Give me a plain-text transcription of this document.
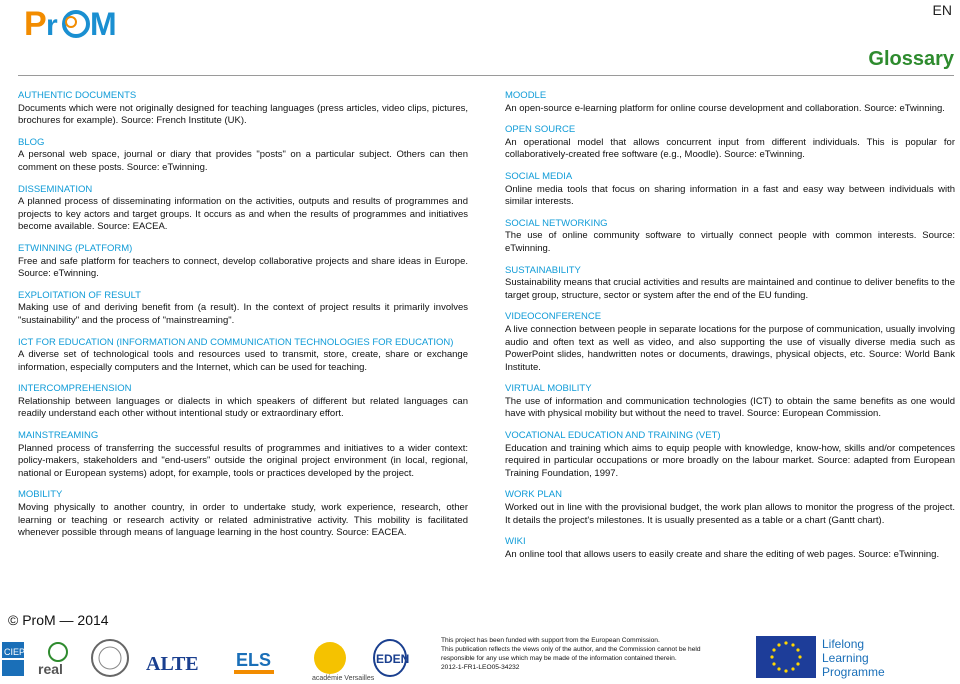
P r M	EN
Glossary
AUTHENTIC DOCUMENTS
Documents which were not originally designed for teaching languages (press articles, video clips, pictures, brochures for example). Source: French Institute (UK).
BLOG
A personal web space, journal or diary that provides "posts" on a particular subject. Others can then comment on these posts. Source: eTwinning.
DISSEMINATION
A planned process of disseminating information on the activities, outputs and results of programmes and projects to key actors and target groups. It occurs as and when the results of programmes and initiatives become available. Source: EACEA.
ETWINNING (PLATFORM)
Free and safe platform for teachers to connect, develop collaborative projects and share ideas in Europe. Source: eTwinning.
EXPLOITATION OF RESULT
Making use of and deriving benefit from (a result). In the context of project results it primarily involves "sustainability" and the process of "mainstreaming".
ICT FOR EDUCATION (INFORMATION AND COMMUNICATION TECHNOLOGIES FOR EDUCATION)
A diverse set of technological tools and resources used to transmit, store, create, share or exchange information, especially computers and the Internet, which can be used for teaching.
INTERCOMPREHENSION
Relationship between languages or dialects in which speakers of different but related languages can readily understand each other without intentional study or extraordinary effort.
MAINSTREAMING
Planned process of transferring the successful results of programmes and initiatives to a wider context: policy-makers, stakeholders and "end-users" outside the original project environment (in local, regional, national or European systems) adopt, for example, tools or practices developed by the project.
MOBILITY
Moving physically to another country, in order to undertake study, work experience, research, other learning or teaching or research activity or related administrative activity. This mobility is facilitated whenever possible through means of language learning in the host country. Source: EACEA.
MOODLE
An open-source e-learning platform for online course development and collaboration. Source: eTwinning.
OPEN SOURCE
An operational model that allows concurrent input from different individuals. This is popular for collaboratively-created free software (e.g., Moodle). Source: eTwinning.
SOCIAL MEDIA
Online media tools that focus on sharing information in a fast and easy way between individuals with similar interests.
SOCIAL NETWORKING
The use of online community software to virtually connect people with common interests. Source: eTwinning.
SUSTAINABILITY
Sustainability means that crucial activities and results are maintained and continue to deliver benefits to the target group, structure, sector or system after the end of the EU funding.
VIDEOCONFERENCE
A live connection between people in separate locations for the purpose of communication, usually involving audio and often text as well as video, and also supporting the use of visually diverse media such as PowerPoint slides, handwritten notes or documents, drawings, physical objects, etc. Source: World Bank Institute.
VIRTUAL MOBILITY
The use of information and communication technologies (ICT) to obtain the same benefits as one would have with physical mobility but without the need to travel. Source: European Commission.
VOCATIONAL EDUCATION AND TRAINING (VET)
Education and training which aims to equip people with knowledge, know-how, skills and/or competences required in particular occupations or more broadly on the labour market. Source: adapted from European Training Foundation, 1997.
WORK PLAN
Worked out in line with the provisional budget, the work plan allows to monitor the progress of the project. It details the project's milestones. It is usually presented as a table or a chart (Gantt chart).
WIKI
An online tool that allows users to easily create and share the editing of web pages. Source: eTwinning.
© ProM — 2014
CIEP
real	ALTE ELS
académie Versailles
EDEN
This project has been funded with support from the European Commission.
This publication reflects the views only of the author, and the Commission cannot be held
responsible for any use which may be made of the information contained therein.
2012-1-FR1-LEO05-34232
Lifelong
Learning
Programme
